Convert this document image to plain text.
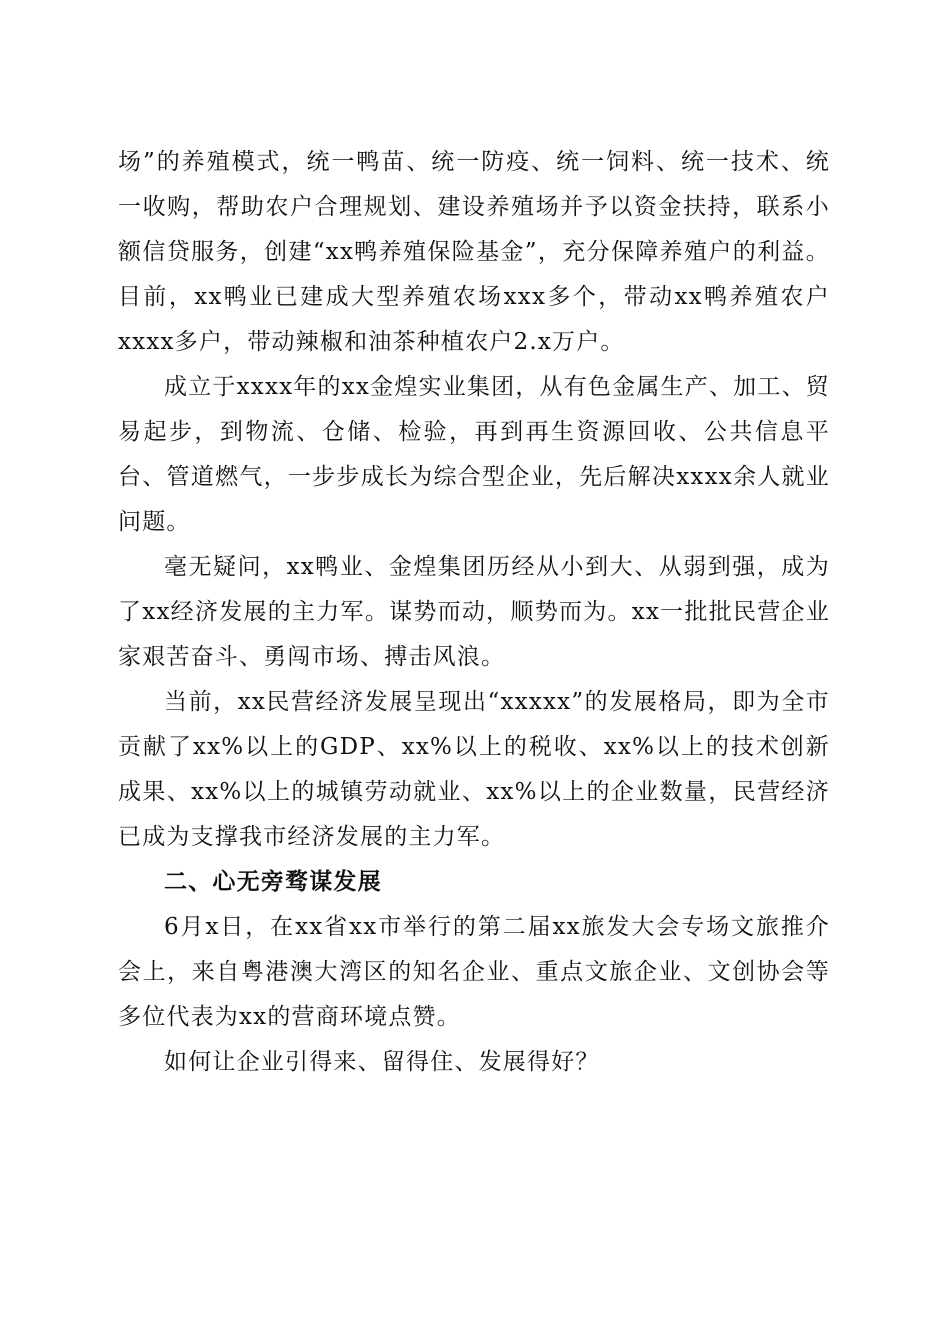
场”的养殖模式，统一鸭苗、统一防疫、统一饲料、统一技术、统一收购，帮助农户合理规划、建设养殖场并予以资金扶持，联系小额信贷服务，创建“xx鸭养殖保险基金”，充分保障养殖户的利益。目前，xx鸭业已建成大型养殖农场xxx多个，带动xx鸭养殖农户xxxx多户，带动辣椒和油茶种植农户2.x万户。

成立于xxxx年的xx金煌实业集团，从有色金属生产、加工、贸易起步，到物流、仓储、检验，再到再生资源回收、公共信息平台、管道燃气，一步步成长为综合型企业，先后解决xxxx余人就业问题。

毫无疑问，xx鸭业、金煌集团历经从小到大、从弱到强，成为了xx经济发展的主力军。谋势而动，顺势而为。xx一批批民营企业家艰苦奋斗、勇闯市场、搏击风浪。

当前，xx民营经济发展呈现出“xxxxx”的发展格局，即为全市贡献了xx%以上的GDP、xx%以上的税收、xx%以上的技术创新成果、xx%以上的城镇劳动就业、xx%以上的企业数量，民营经济已成为支撑我市经济发展的主力军。

二、心无旁骛谋发展

6月x日，在xx省xx市举行的第二届xx旅发大会专场文旅推介会上，来自粤港澳大湾区的知名企业、重点文旅企业、文创协会等多位代表为xx的营商环境点赞。

如何让企业引得来、留得住、发展得好？
